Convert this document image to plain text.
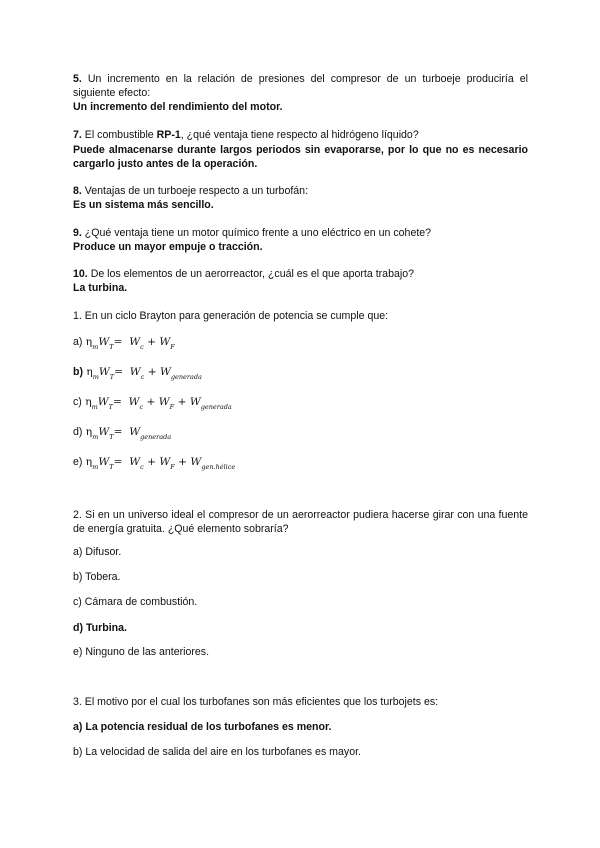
5. Un incremento en la relación de presiones del compresor de un turboeje produciría el siguiente efecto:
Un incremento del rendimiento del motor.
7. El combustible RP-1, ¿qué ventaja tiene respecto al hidrógeno líquido?
Puede almacenarse durante largos periodos sin evaporarse, por lo que no es necesario cargarlo justo antes de la operación.
8. Ventajas de un turboeje respecto a un turbofán:
Es un sistema más sencillo.
9. ¿Qué ventaja tiene un motor químico frente a uno eléctrico en un cohete?
Produce un mayor empuje o tracción.
10. De los elementos de un aerorreactor, ¿cuál es el que aporta trabajo?
La turbina.
1. En un ciclo Brayton para generación de potencia se cumple que:
a) $\eta_mW_T= W_c + W_F$
b) $\eta_mW_T= W_c + W_{generada}$
c) $\eta_mW_T= W_c + W_F + W_{generada}$
d) $\eta_mW_T= W_{generada}$
e) $\eta_mW_T= W_c + W_F + W_{gen.hélice}$
2. Si en un universo ideal el compresor de un aerorreactor pudiera hacerse girar con una fuente de energía gratuita. ¿Qué elemento sobraría?
a) Difusor.
b) Tobera.
c) Cámara de combustión.
d) Turbina.
e) Ninguno de las anteriores.
3. El motivo por el cual los turbofanes son más eficientes que los turbojets es:
a) La potencia residual de los turbofanes es menor.
b) La velocidad de salida del aire en los turbofanes es mayor.
